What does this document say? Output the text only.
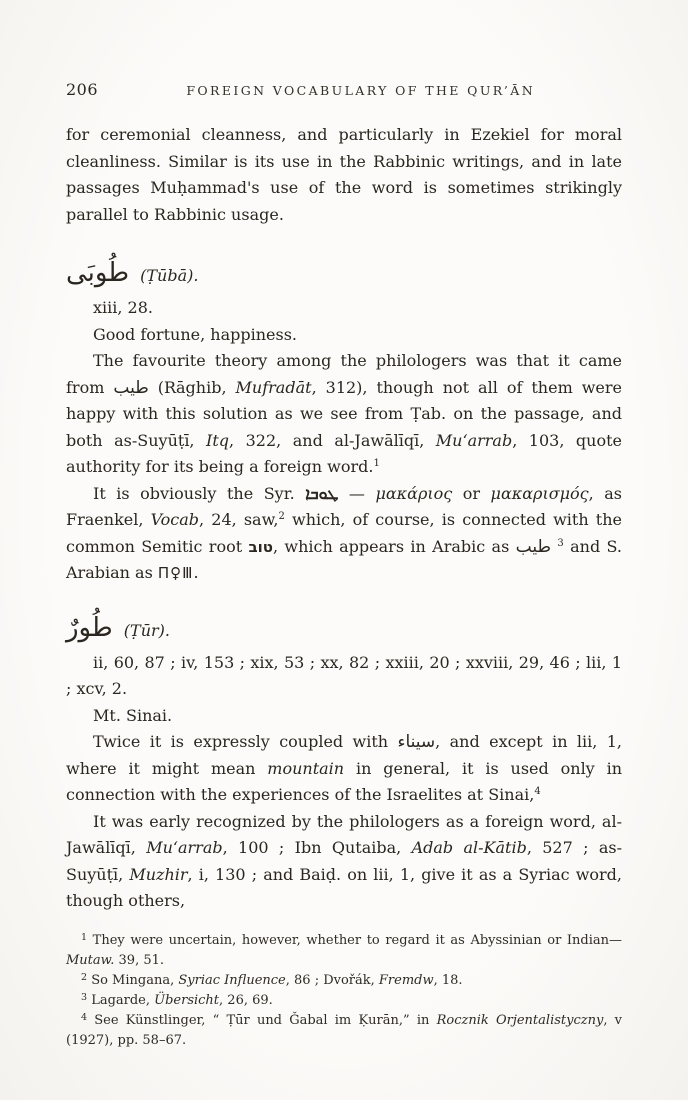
206	FOREIGN VOCABULARY OF THE QUR’ĀN

for ceremonial cleanness, and particularly in Ezekiel for moral cleanliness. Similar is its use in the Rabbinic writings, and in late passages Muḥammad's use of the word is sometimes strikingly parallel to Rabbinic usage.

طُوبَى (Ṭūbā).

xiii, 28.

Good fortune, happiness.

The favourite theory among the philologers was that it came from طيب (Rāghib, Mufradāt, 312), though not all of them were happy with this solution as we see from Ṭab. on the passage, and both as-Suyūṭī, Itq, 322, and al-Jawālīqī, Mu‘arrab, 103, quote authority for its being a foreign word.$^1$

It is obviously the Syr. ܛܘܒܐ — μακάριος or μακαρισμός, as Fraenkel, Vocab, 24, saw,$^2$ which, of course, is connected with the common Semitic root טוב, which appears in Arabic as طيب $^3$ and S. Arabian as Π♀Ⅲ.

طُورٌ (Ṭūr).

ii, 60, 87 ; iv, 153 ; xix, 53 ; xx, 82 ; xxiii, 20 ; xxviii, 29, 46 ; lii, 1 ; xcv, 2.

Mt. Sinai.

Twice it is expressly coupled with سيناء, and except in lii, 1, where it might mean mountain in general, it is used only in connection with the experiences of the Israelites at Sinai,$^4$

It was early recognized by the philologers as a foreign word, al-Jawālīqī, Mu‘arrab, 100 ; Ibn Qutaiba, Adab al-Kātib, 527 ; as-Suyūṭī, Muzhir, i, 130 ; and Baiḍ. on lii, 1, give it as a Syriac word, though others,

$^1$ They were uncertain, however, whether to regard it as Abyssinian or Indian—Mutaw. 39, 51.

$^2$ So Mingana, Syriac Influence, 86 ; Dvořák, Fremdw, 18.

$^3$ Lagarde, Übersicht, 26, 69.

$^4$ See Künstlinger, “ Ṭūr und Ǧabal im Ḳurān,” in Rocznik Orjentalistyczny, v (1927), pp. 58–67.
